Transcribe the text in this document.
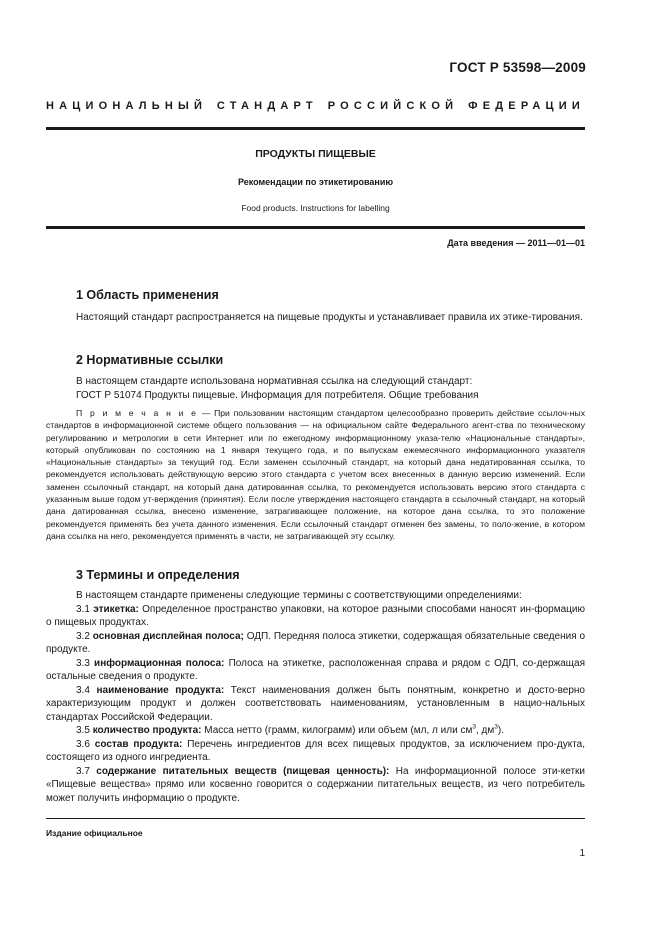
ГОСТ Р 53598—2009
НАЦИОНАЛЬНЫЙ СТАНДАРТ РОССИЙСКОЙ ФЕДЕРАЦИИ
ПРОДУКТЫ ПИЩЕВЫЕ
Рекомендации по этикетированию
Food products. Instructions for labelling
Дата введения — 2011—01—01
1 Область применения
Настоящий стандарт распространяется на пищевые продукты и устанавливает правила их этике-тирования.
2 Нормативные ссылки
В настоящем стандарте использована нормативная ссылка на следующий стандарт:
ГОСТ Р 51074 Продукты пищевые. Информация для потребителя. Общие требования
П р и м е ч а н и е — При пользовании настоящим стандартом целесообразно проверить действие ссылоч-ных стандартов в информационной системе общего пользования — на официальном сайте Федерального агент-ства по техническому регулированию и метрологии в сети Интернет или по ежегодному информационному указа-телю «Национальные стандарты», который опубликован по состоянию на 1 января текущего года, и по выпускам ежемесячного информационного указателя «Национальные стандарты» за текущий год. Если заменен ссылочный стандарт, на который дана недатированная ссылка, то рекомендуется использовать действующую версию этого стандарта с учетом всех внесенных в данную версию изменений. Если заменен ссылочный стандарт, на который дана датированная ссылка, то рекомендуется использовать версию этого стандарта с указанным выше годом ут-верждения (принятия). Если после утверждения настоящего стандарта в ссылочный стандарт, на который дана датированная ссылка, внесено изменение, затрагивающее положение, на которое дана ссылка, то это положение рекомендуется применять без учета данного изменения. Если ссылочный стандарт отменен без замены, то поло-жение, в котором дана ссылка на него, рекомендуется применять в части, не затрагивающей эту ссылку.
3 Термины и определения

В настоящем стандарте применены следующие термины с соответствующими определениями:

3.1 этикетка: Определенное пространство упаковки, на которое разными способами наносят ин-формацию о пищевых продуктах.

3.2 основная дисплейная полоса; ОДП. Передняя полоса этикетки, содержащая обязательные сведения о продукте.

3.3 информационная полоса: Полоса на этикетке, расположенная справа и рядом с ОДП, со-держащая остальные сведения о продукте.

3.4 наименование продукта: Текст наименования должен быть понятным, конкретно и досто-верно характеризующим продукт и должен соответствовать наименованиям, установленным в нацио-нальных стандартах Российской Федерации.

3.5 количество продукта: Масса нетто (грамм, килограмм) или объем (мл, л или $см^3$, $дм^3$).

3.6 состав продукта: Перечень ингредиентов для всех пищевых продуктов, за исключением про-дукта, состоящего из одного ингредиента.

3.7 содержание питательных веществ (пищевая ценность): На информационной полосе эти-кетки «Пищевые вещества» прямо или косвенно говорится о содержании питательных веществ, из чего потребитель может получить информацию о продукте.

Издание официальное
1
